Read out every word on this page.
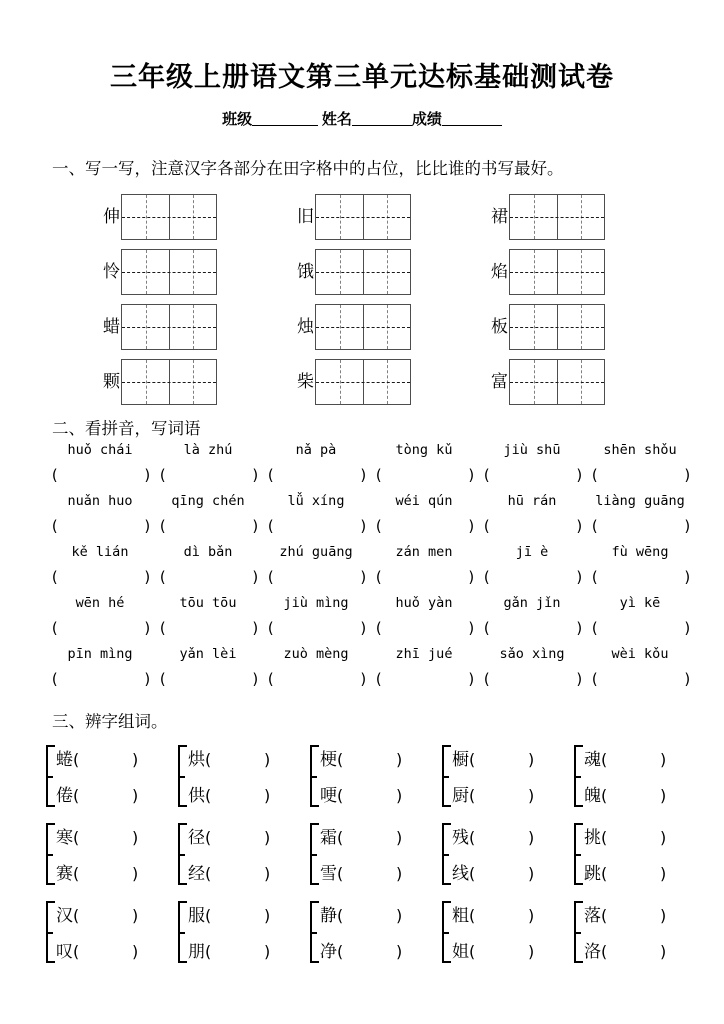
三年级上册语文第三单元达标基础测试卷
班级	姓名	成绩
一、写一写，注意汉字各部分在田字格中的占位，比比谁的书写最好。
伸	旧	裙
怜	饿	焰
蜡	烛	板
颗	柴	富
二、看拼音，写词语
huǒ chái	là zhú	nǎ pà	tòng kǔ	jiù shū	shēn shǒu
(	) (	) (	) (	) (	) (	)
nuǎn huo	qīng chén	lǚ xíng	wéi qún	hū rán	liàng guāng
(	) (	) (	) (	) (	) (	)
kě lián	dì bǎn	zhú guāng	zán men	jī è	fù wēng
(	) (	) (	) (	) (	) (	)
wēn hé	tōu tōu	jiù mìng	huǒ yàn	gǎn jǐn	yì kē
(	) (	) (	) (	) (	) (	)
pīn mìng	yǎn lèi	zuò mèng	zhī jué	sǎo xìng	wèi kǒu
(	) (	) (	) (	) (	) (	)
三、辨字组词。
蜷(	)
倦(	)
烘(	)
供(	)
梗(	)
哽(	)
橱(	)
厨(	)
魂(	)
魄(	)
寒(	)
赛(	)
径(	)
经(	)
霜(	)
雪(	)
残(	)
线(	)
挑(	)
跳(	)
汉(	)
叹(	)
服(	)
朋(	)
静(	)
净(	)
粗(	)
姐(	)
落(	)
洛(	)
